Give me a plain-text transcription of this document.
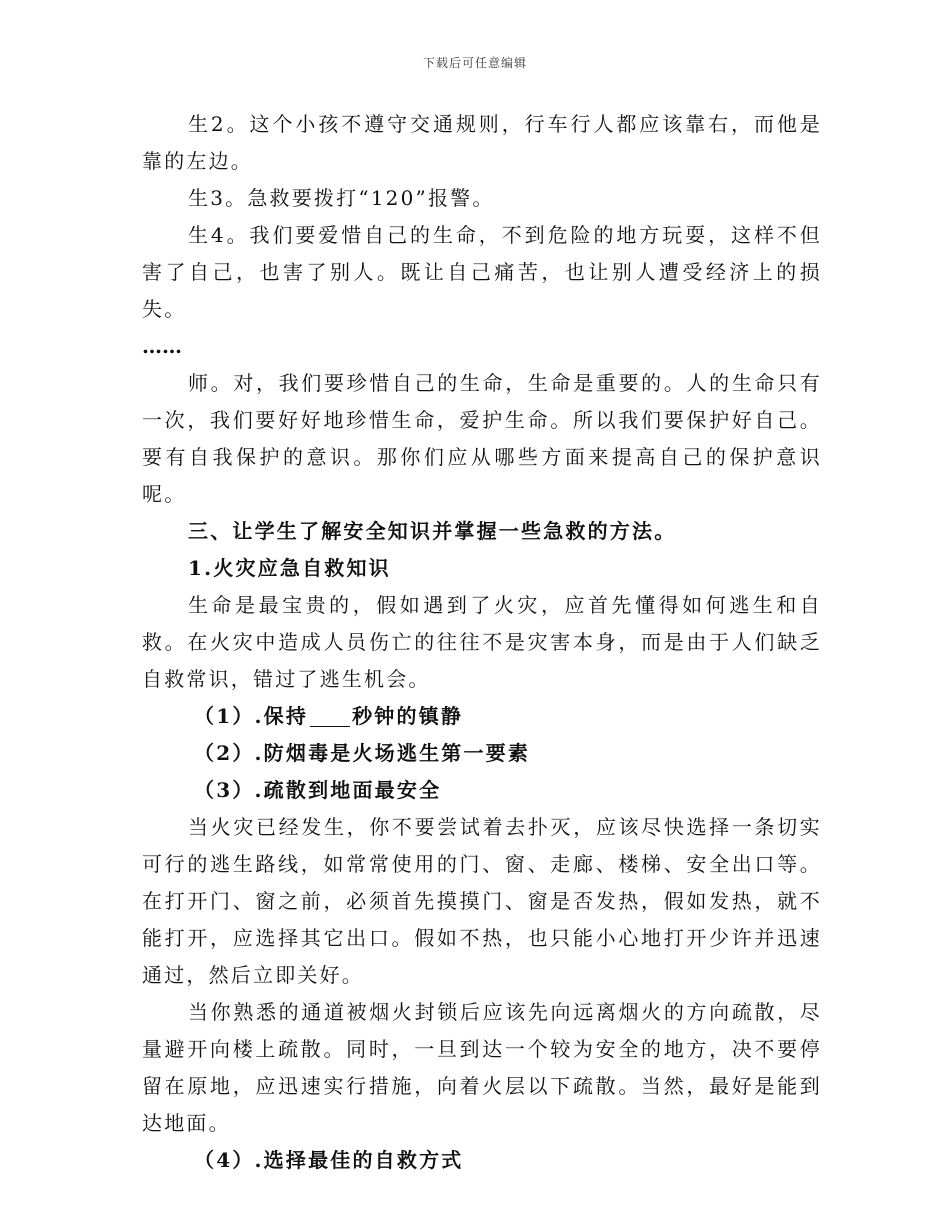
下载后可任意编辑

生2。这个小孩不遵守交通规则，行车行人都应该靠右，而他是靠的左边。

生3。急救要拨打“120”报警。

生4。我们要爱惜自己的生命，不到危险的地方玩耍，这样不但害了自己，也害了别人。既让自己痛苦，也让别人遭受经济上的损失。

……

师。对，我们要珍惜自己的生命，生命是重要的。人的生命只有一次，我们要好好地珍惜生命，爱护生命。所以我们要保护好自己。要有自我保护的意识。那你们应从哪些方面来提高自己的保护意识呢。

三、让学生了解安全知识并掌握一些急救的方法。

1.火灾应急自救知识

生命是最宝贵的，假如遇到了火灾，应首先懂得如何逃生和自救。在火灾中造成人员伤亡的往往不是灾害本身，而是由于人们缺乏自救常识，错过了逃生机会。

（1）.保持 秒钟的镇静

（2）.防烟毒是火场逃生第一要素

（3）.疏散到地面最安全

当火灾已经发生，你不要尝试着去扑灭，应该尽快选择一条切实可行的逃生路线，如常常使用的门、窗、走廊、楼梯、安全出口等。在打开门、窗之前，必须首先摸摸门、窗是否发热，假如发热，就不能打开，应选择其它出口。假如不热，也只能小心地打开少许并迅速通过，然后立即关好。

当你熟悉的通道被烟火封锁后应该先向远离烟火的方向疏散，尽量避开向楼上疏散。同时，一旦到达一个较为安全的地方，决不要停留在原地，应迅速实行措施，向着火层以下疏散。当然，最好是能到达地面。

（4）.选择最佳的自救方式
